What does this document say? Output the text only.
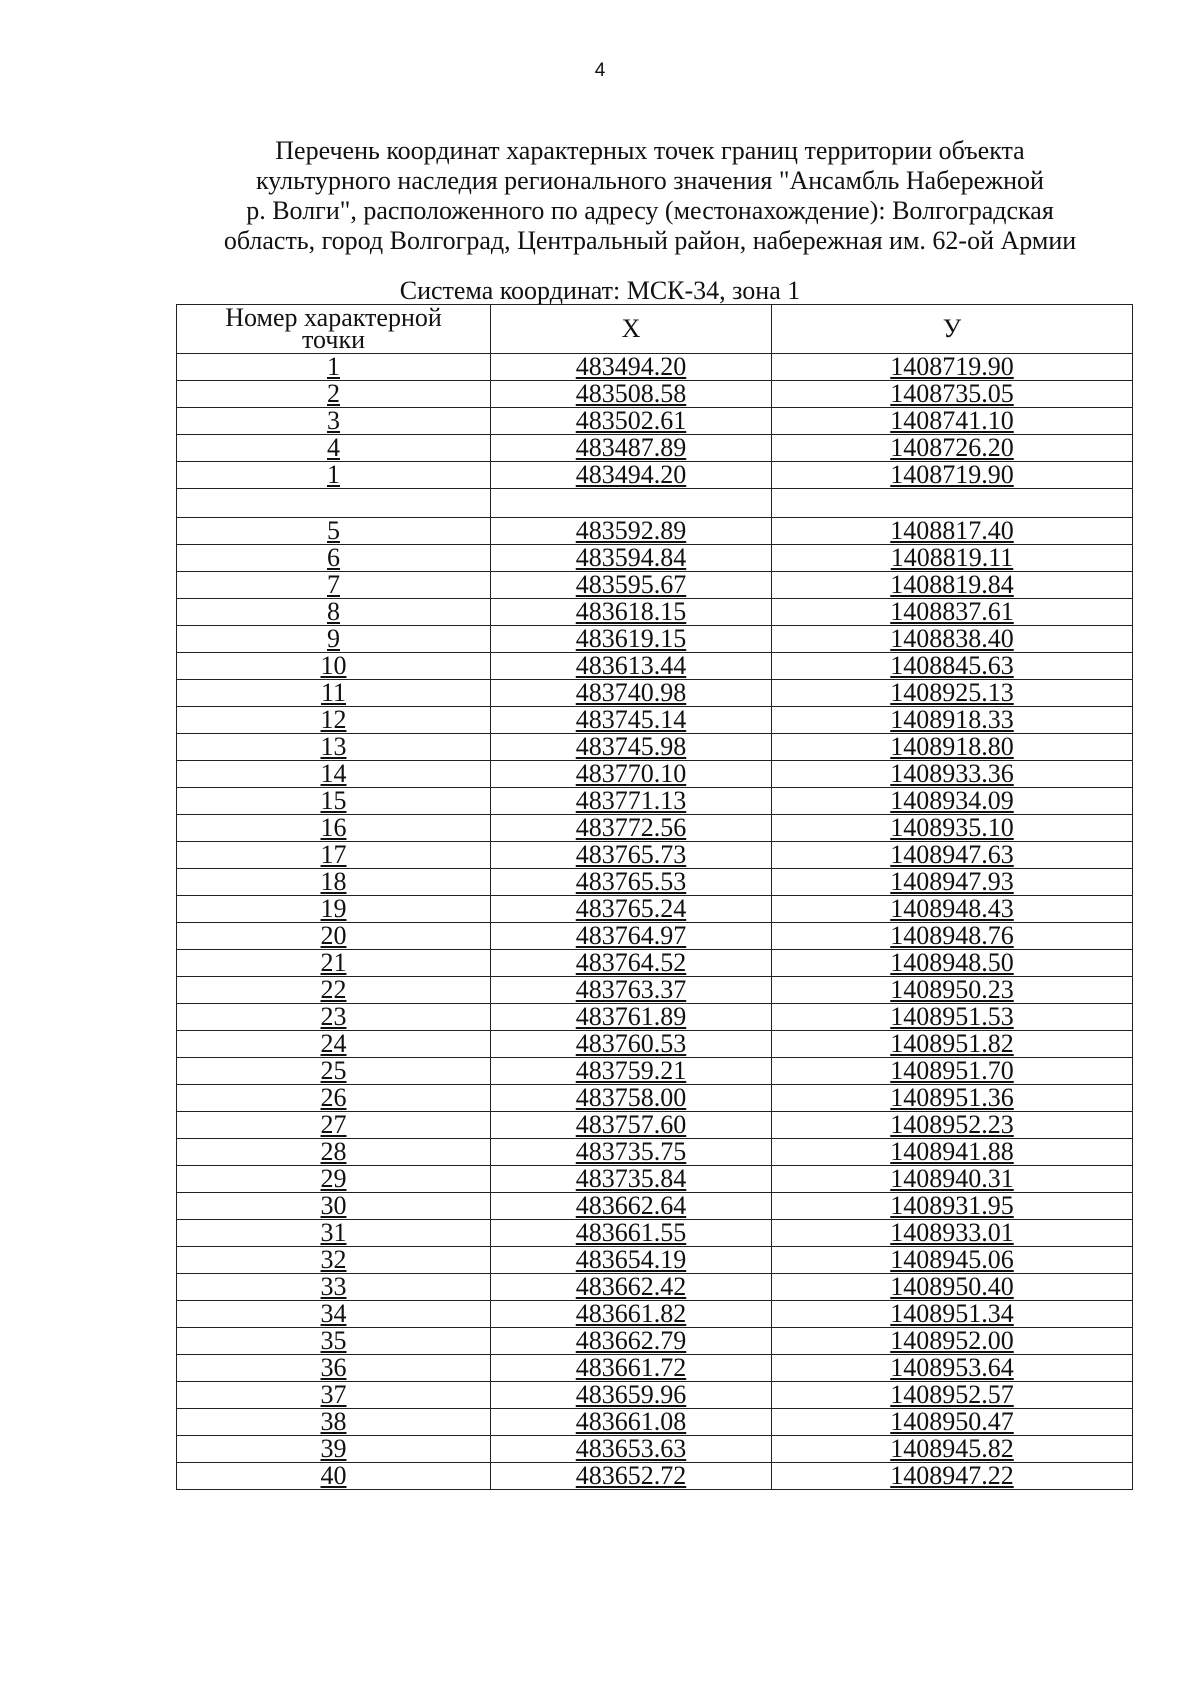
4
Перечень координат характерных точек границ территории объекта
культурного наследия регионального значения "Ансамбль Набережной
р. Волги", расположенного по адресу (местонахождение): Волгоградская
область, город Волгоград, Центральный район, набережная им. 62-ой Армии
Система координат: МСК-34, зона 1
Номер характерной
точки	X	У
1	483494.20	1408719.90
2	483508.58	1408735.05
3	483502.61	1408741.10
4	483487.89	1408726.20
1	483494.20	1408719.90

5	483592.89	1408817.40
6	483594.84	1408819.11
7	483595.67	1408819.84
8	483618.15	1408837.61
9	483619.15	1408838.40
10	483613.44	1408845.63
11	483740.98	1408925.13
12	483745.14	1408918.33
13	483745.98	1408918.80
14	483770.10	1408933.36
15	483771.13	1408934.09
16	483772.56	1408935.10
17	483765.73	1408947.63
18	483765.53	1408947.93
19	483765.24	1408948.43
20	483764.97	1408948.76
21	483764.52	1408948.50
22	483763.37	1408950.23
23	483761.89	1408951.53
24	483760.53	1408951.82
25	483759.21	1408951.70
26	483758.00	1408951.36
27	483757.60	1408952.23
28	483735.75	1408941.88
29	483735.84	1408940.31
30	483662.64	1408931.95
31	483661.55	1408933.01
32	483654.19	1408945.06
33	483662.42	1408950.40
34	483661.82	1408951.34
35	483662.79	1408952.00
36	483661.72	1408953.64
37	483659.96	1408952.57
38	483661.08	1408950.47
39	483653.63	1408945.82
40	483652.72	1408947.22
